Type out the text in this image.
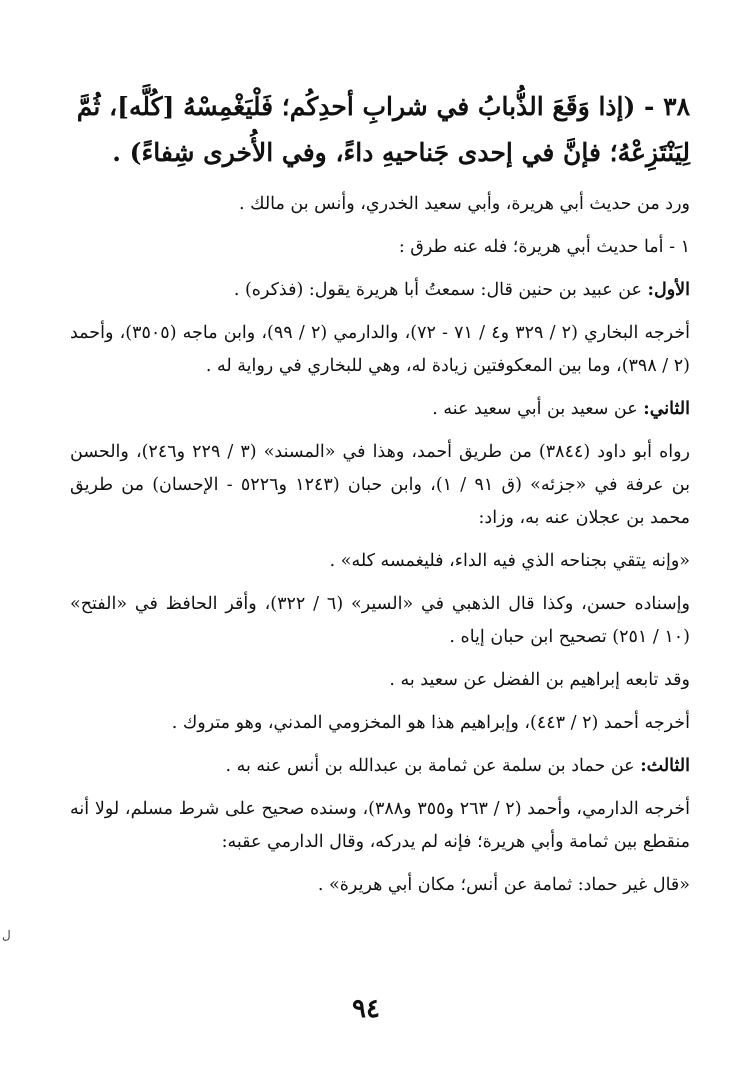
٣٨ - (إذا وَقَعَ الذُّبابُ في شرابِ أحدِكُم؛ فَلْيَغْمِسْهُ [كُلَّه]، ثُمَّ لِيَنْتَزِعْهُ؛ فإنَّ في إحدى جَناحيهِ داءً، وفي الأُخرى شِفاءً) .
ورد من حديث أبي هريرة، وأبي سعيد الخدري، وأنس بن مالك .
١ - أما حديث أبي هريرة؛ فله عنه طرق :
الأول: عن عبيد بن حنين قال: سمعتُ أبا هريرة يقول: (فذكره) .
أخرجه البخاري (٢ / ٣٢٩ و٤ / ٧١ - ٧٢)، والدارمي (٢ / ٩٩)، وابن ماجه (٣٥٠٥)، وأحمد (٢ / ٣٩٨)، وما بين المعكوفتين زيادة له، وهي للبخاري في رواية له .
الثاني: عن سعيد بن أبي سعيد عنه .
رواه أبو داود (٣٨٤٤) من طريق أحمد، وهذا في «المسند» (٣ / ٢٢٩ و٢٤٦)، والحسن بن عرفة في «جزئه» (ق ٩١ / ١)، وابن حبان (١٢٤٣ و٥٢٢٦ - الإحسان) من طريق محمد بن عجلان عنه به، وزاد:
«وإنه يتقي بجناحه الذي فيه الداء، فليغمسه كله» .
وإسناده حسن، وكذا قال الذهبي في «السير» (٦ / ٣٢٢)، وأقر الحافظ في «الفتح» (١٠ / ٢٥١) تصحيح ابن حبان إياه .
وقد تابعه إبراهيم بن الفضل عن سعيد به .
أخرجه أحمد (٢ / ٤٤٣)، وإبراهيم هذا هو المخزومي المدني، وهو متروك .
الثالث: عن حماد بن سلمة عن ثمامة بن عبدالله بن أنس عنه به .
أخرجه الدارمي، وأحمد (٢ / ٢٦٣ و٣٥٥ و٣٨٨)، وسنده صحيح على شرط مسلم، لولا أنه منقطع بين ثمامة وأبي هريرة؛ فإنه لم يدركه، وقال الدارمي عقبه:
«قال غير حماد: ثمامة عن أنس؛ مكان أبي هريرة» .
٩٤
ل
